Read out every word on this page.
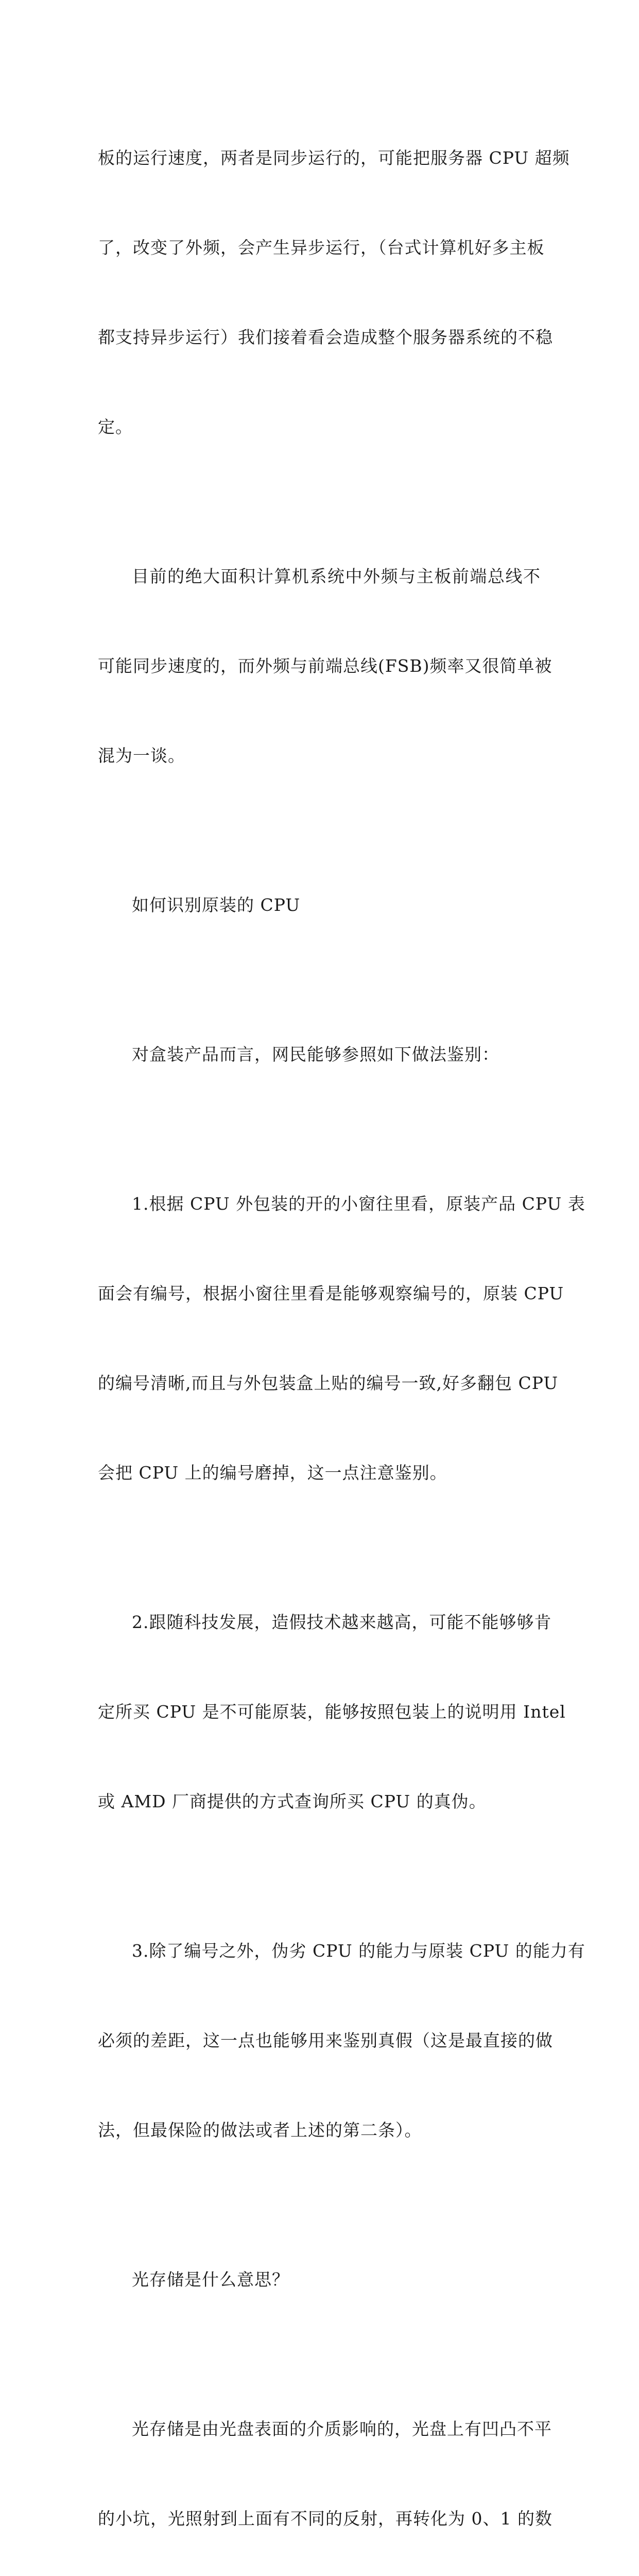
板的运行速度，两者是同步运行的，可能把服务器 CPU 超频

了，改变了外频，会产生异步运行，（台式计算机好多主板

都支持异步运行）我们接着看会造成整个服务器系统的不稳

定。

目前的绝大面积计算机系统中外频与主板前端总线不

可能同步速度的，而外频与前端总线(FSB)频率又很简单被

混为一谈。

如何识别原装的 CPU

对盒装产品而言，网民能够参照如下做法鉴别：

1.根据 CPU 外包装的开的小窗往里看，原装产品 CPU 表

面会有编号，根据小窗往里看是能够观察编号的，原装 CPU

的编号清晰,而且与外包装盒上贴的编号一致,好多翻包 CPU

会把 CPU 上的编号磨掉，这一点注意鉴别。

2.跟随科技发展，造假技术越来越高，可能不能够够肯

定所买 CPU 是不可能原装，能够按照包装上的说明用 Intel

或 AMD 厂商提供的方式查询所买 CPU 的真伪。

3.除了编号之外，伪劣 CPU 的能力与原装 CPU 的能力有

必须的差距，这一点也能够用来鉴别真假（这是最直接的做

法，但最保险的做法或者上述的第二条）。

光存储是什么意思？

光存储是由光盘表面的介质影响的，光盘上有凹凸不平

的小坑，光照射到上面有不同的反射，再转化为 0、1 的数
